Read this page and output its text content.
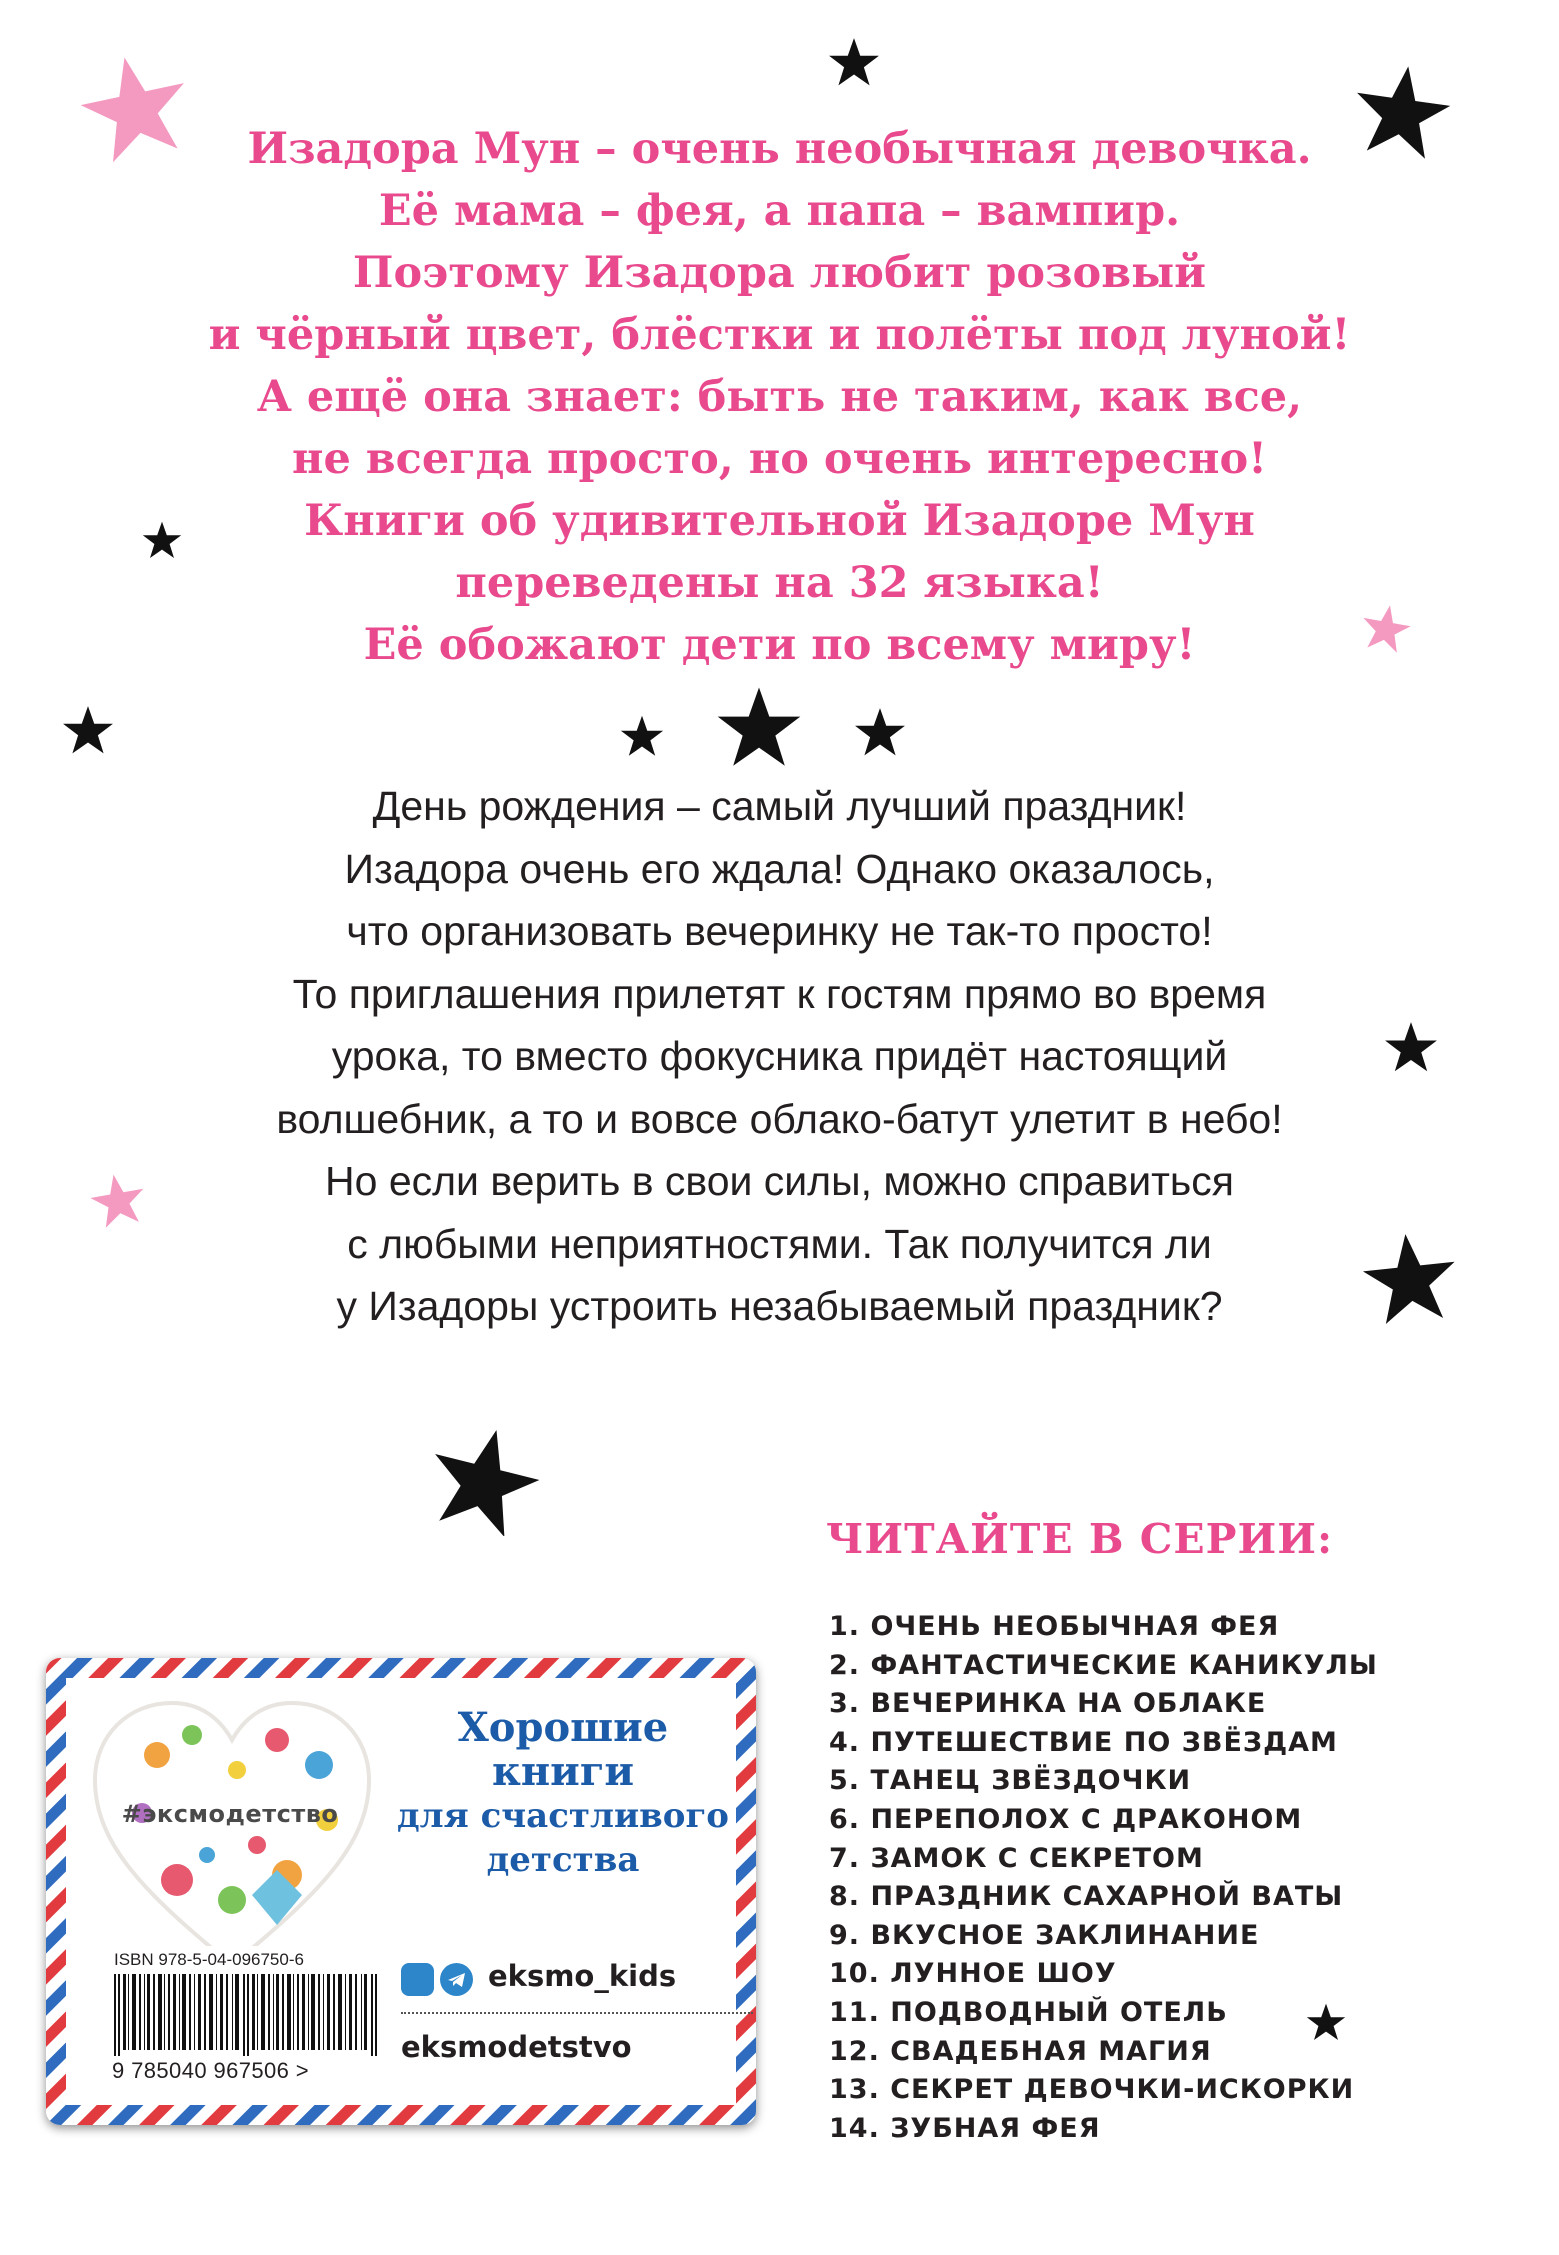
Изадора Мун – очень необычная девочка.
Её мама – фея, а папа – вампир.
Поэтому Изадора любит розовый
и чёрный цвет, блёстки и полёты под луной!
А ещё она знает: быть не таким, как все,
не всегда просто, но очень интересно!
Книги об удивительной Изадоре Мун
переведены на 32 языка!
Её обожают дети по всему миру!
День рождения – самый лучший праздник!
Изадора очень его ждала! Однако оказалось,
что организовать вечеринку не так-то просто!
То приглашения прилетят к гостям прямо во время
урока, то вместо фокусника придёт настоящий
волшебник, а то и вовсе облако-батут улетит в небо!
Но если верить в свои силы, можно справиться
с любыми неприятностями. Так получится ли
у Изадоры устроить незабываемый праздник?
ЧИТАЙТЕ В СЕРИИ:
1. ОЧЕНЬ НЕОБЫЧНАЯ ФЕЯ
2. ФАНТАСТИЧЕСКИЕ КАНИКУЛЫ
3. ВЕЧЕРИНКА НА ОБЛАКЕ
4. ПУТЕШЕСТВИЕ ПО ЗВЁЗДАМ
5. ТАНЕЦ ЗВЁЗДОЧКИ
6. ПЕРЕПОЛОХ С ДРАКОНОМ
7. ЗАМОК С СЕКРЕТОМ
8. ПРАЗДНИК САХАРНОЙ ВАТЫ
9. ВКУСНОЕ ЗАКЛИНАНИЕ
10. ЛУННОЕ ШОУ
11. ПОДВОДНЫЙ ОТЕЛЬ
12. СВАДЕБНАЯ МАГИЯ
13. СЕКРЕТ ДЕВОЧКИ-ИСКОРКИ
14. ЗУБНАЯ ФЕЯ
#эксмодетство
Хорошие
книги
для счастливого
детства
ISBN 978-5-04-096750-6
9 785040 967506 >
eksmo_kids
eksmodetstvo
